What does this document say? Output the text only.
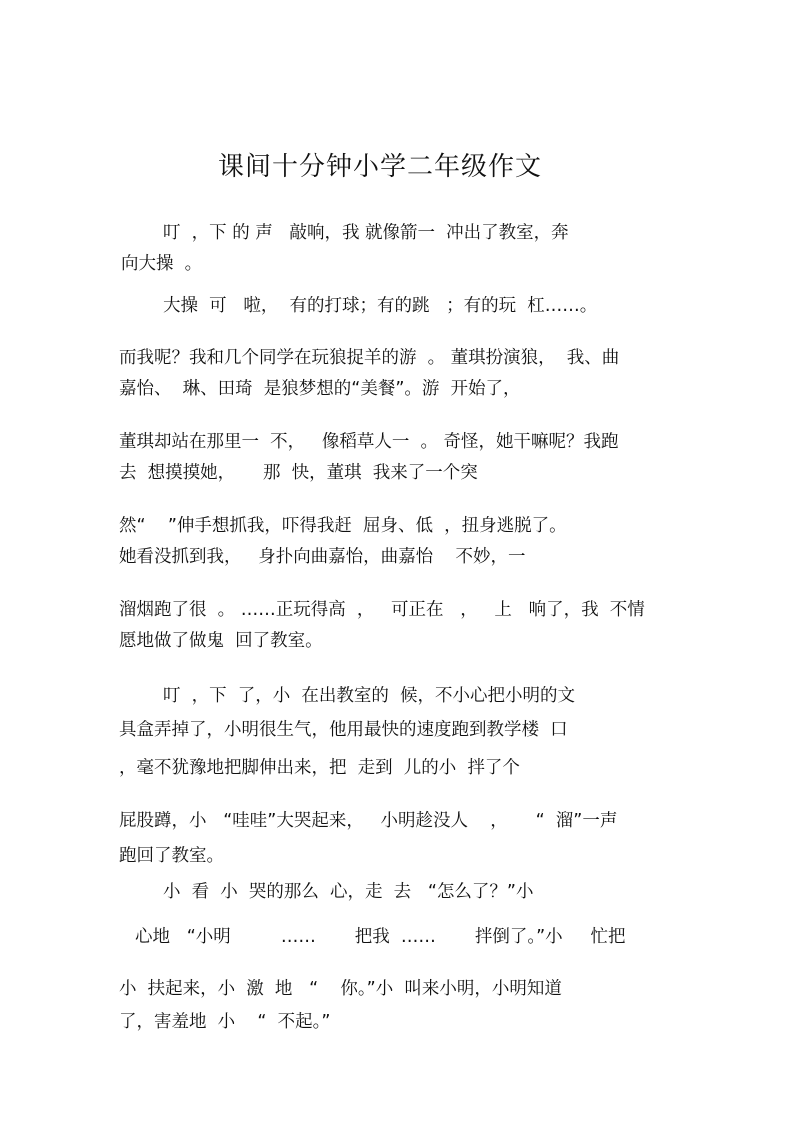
课间十分钟小学二年级作文
叮  ，下 的 声   敲响，我 就像箭一  冲出了教室，奔
向大操  。
大操  可   啦，  有的打球；有的跳   ；有的玩  杠……。
而我呢？我和几个同学在玩狼捉羊的游  。 董琪扮演狼，  我、曲
嘉怡、  琳、田琦  是狼梦想的“美餐”。游  开始了，
董琪却站在那里一  不，   像稻草人一  。 奇怪，她干嘛呢？我跑
去  想摸摸她，     那  快，董琪  我来了一个突
然“    ”伸手想抓我，吓得我赶  屈身、低  ，扭身逃脱了。
她看没抓到我，   身扑向曲嘉怡，曲嘉怡    不妙，一
溜烟跑了很  。 ……正玩得高  ，   可正在   ，   上   响了，我  不情
愿地做了做鬼  回了教室。
叮  ，下  了，小  在出教室的  候，不小心把小明的文
具盒弄掉了，小明很生气，他用最快的速度跑到教学楼  口
，毫不犹豫地把脚伸出来，把  走到  儿的小  拌了个
屁股蹲，小   “哇哇”大哭起来，   小明趁没人    ，     “  溜”一声
跑回了教室。
小  看  小  哭的那么  心，走  去   “怎么了？”小
心地   “小明         ……       把我  ……       拌倒了。”小     忙把
小  扶起来，小  激  地   “    你。”小  叫来小明，小明知道
了，害羞地  小    “  不起。”
